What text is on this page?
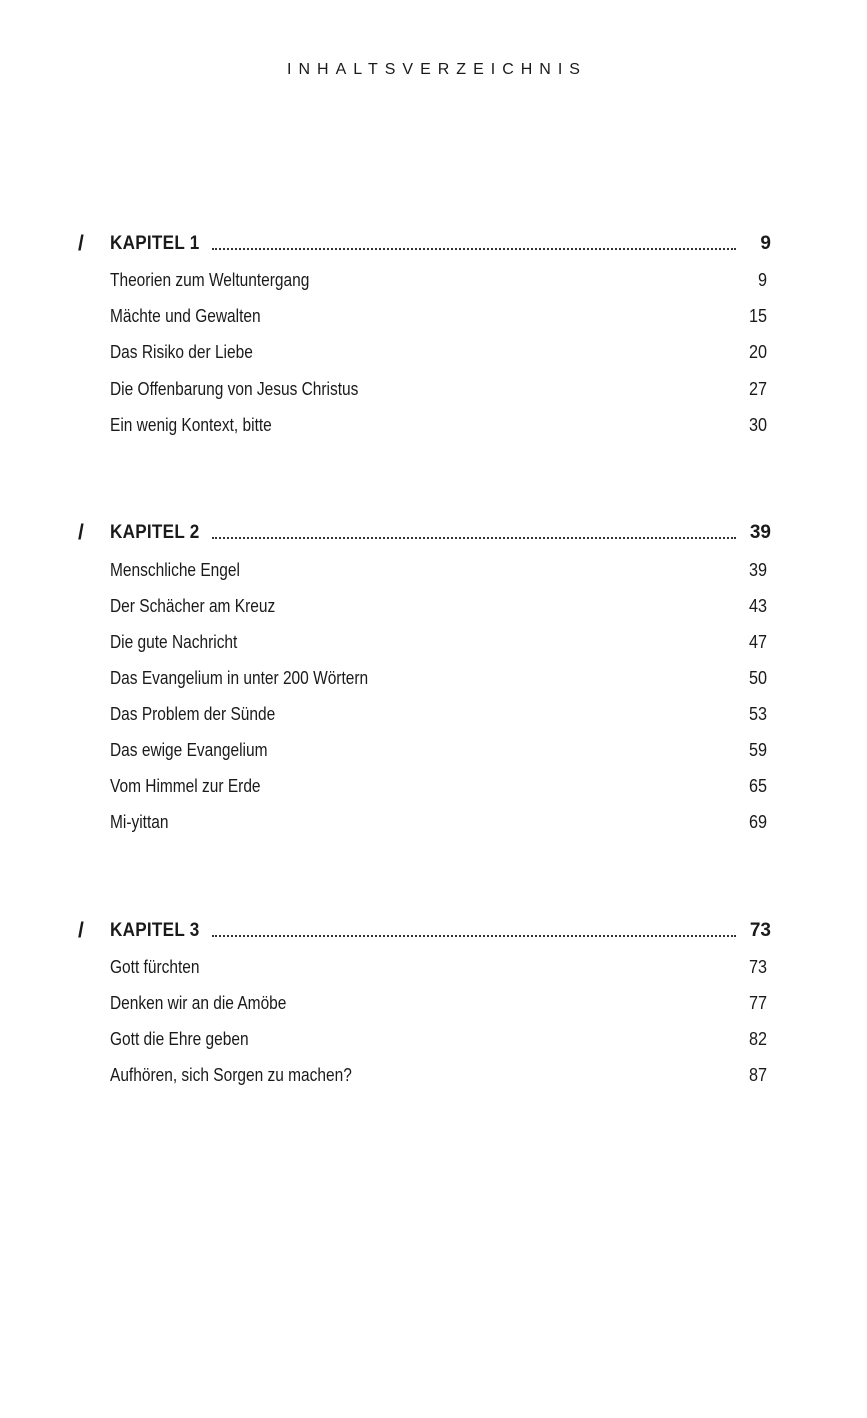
INHALTSVERZEICHNIS
/ KAPITEL 1	9
Theorien zum Weltuntergang	9
Mächte und Gewalten	15
Das Risiko der Liebe	20
Die Offenbarung von Jesus Christus	27
Ein wenig Kontext, bitte	30
/ KAPITEL 2	39
Menschliche Engel	39
Der Schächer am Kreuz	43
Die gute Nachricht	47
Das Evangelium in unter 200 Wörtern	50
Das Problem der Sünde	53
Das ewige Evangelium	59
Vom Himmel zur Erde	65
Mi-yittan	69
/ KAPITEL 3	73
Gott fürchten	73
Denken wir an die Amöbe	77
Gott die Ehre geben	82
Aufhören, sich Sorgen zu machen?	87
